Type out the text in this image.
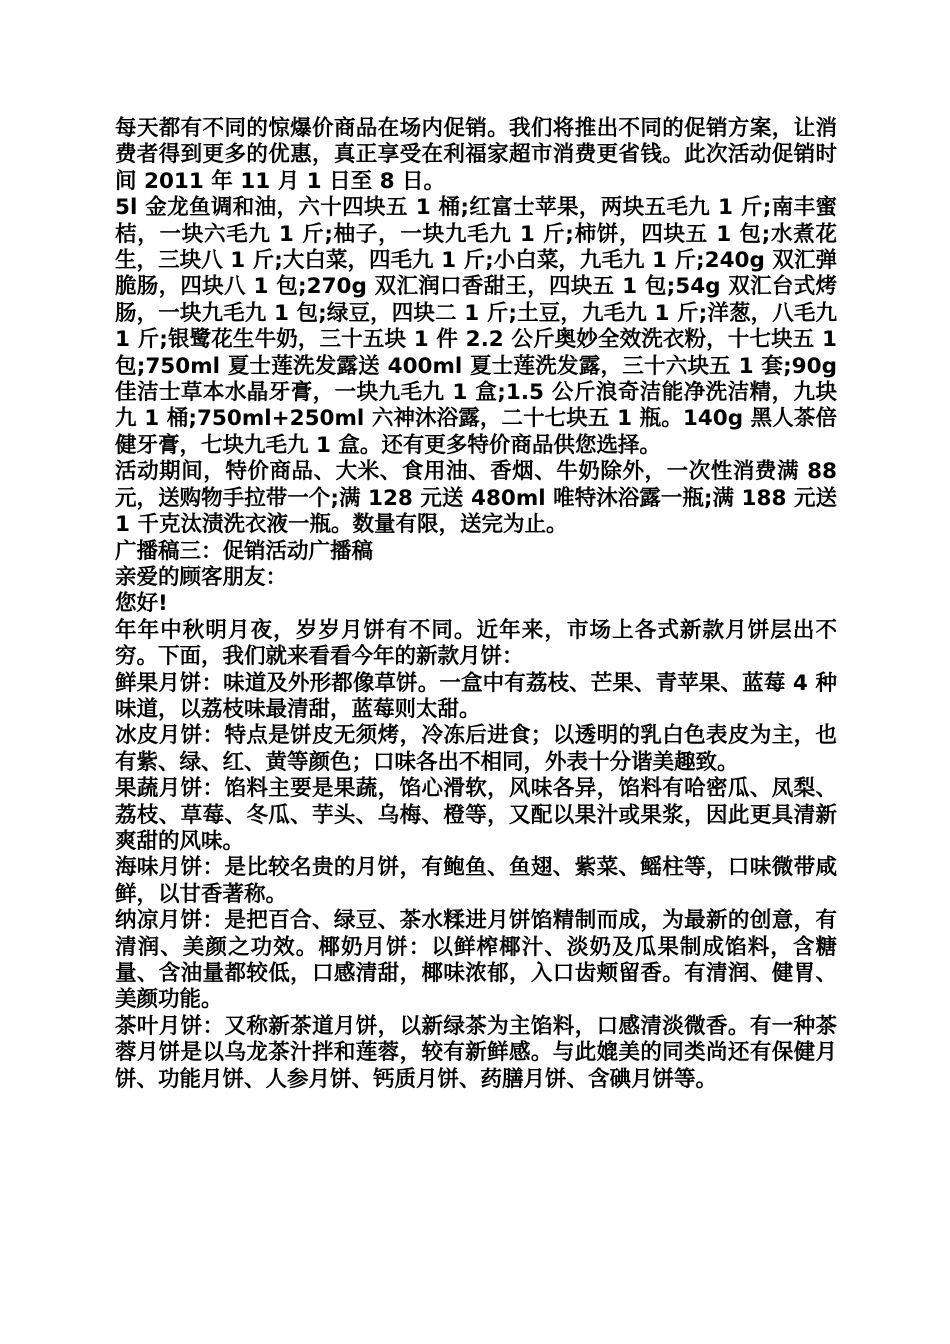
每天都有不同的惊爆价商品在场内促销。我们将推出不同的促销方案，让消费者得到更多的优惠，真正享受在利福家超市消费更省钱。此次活动促销时间 2011 年 11 月 1 日至 8 日。

5l 金龙鱼调和油，六十四块五 1 桶;红富士苹果，两块五毛九 1 斤;南丰蜜桔，一块六毛九 1 斤;柚子，一块九毛九 1 斤;柿饼，四块五 1 包;水煮花生，三块八 1 斤;大白菜，四毛九 1 斤;小白菜，九毛九 1 斤;240g 双汇弹脆肠，四块八 1 包;270g 双汇润口香甜王，四块五 1 包;54g 双汇台式烤肠，一块九毛九 1 包;绿豆，四块二 1 斤;土豆，九毛九 1 斤;洋葱，八毛九 1 斤;银鹭花生牛奶，三十五块 1 件 2.2 公斤奥妙全效洗衣粉，十七块五 1 包;750ml 夏士莲洗发露送 400ml 夏士莲洗发露，三十六块五 1 套;90g 佳洁士草本水晶牙膏，一块九毛九 1 盒;1.5 公斤浪奇洁能净洗洁精，九块九 1 桶;750ml+250ml 六神沐浴露，二十七块五 1 瓶。140g 黑人茶倍健牙膏，七块九毛九 1 盒。还有更多特价商品供您选择。

活动期间，特价商品、大米、食用油、香烟、牛奶除外，一次性消费满 88 元，送购物手拉带一个;满 128 元送 480ml 唯特沐浴露一瓶;满 188 元送 1 千克汰渍洗衣液一瓶。数量有限，送完为止。

广播稿三：促销活动广播稿

亲爱的顾客朋友：

您好!

年年中秋明月夜，岁岁月饼有不同。近年来，市场上各式新款月饼层出不穷。下面，我们就来看看今年的新款月饼：

鲜果月饼：味道及外形都像草饼。一盒中有荔枝、芒果、青苹果、蓝莓 4 种味道，以荔枝味最清甜，蓝莓则太甜。

冰皮月饼：特点是饼皮无须烤，冷冻后进食；以透明的乳白色表皮为主，也有紫、绿、红、黄等颜色；口味各出不相同，外表十分谐美趣致。

果蔬月饼：馅料主要是果蔬，馅心滑软，风味各异，馅料有哈密瓜、凤梨、荔枝、草莓、冬瓜、芋头、乌梅、橙等，又配以果汁或果浆，因此更具清新爽甜的风味。

海味月饼：是比较名贵的月饼，有鲍鱼、鱼翅、紫菜、鳐柱等，口味微带咸鲜，以甘香著称。

纳凉月饼：是把百合、绿豆、茶水糅进月饼馅精制而成，为最新的创意，有清润、美颜之功效。椰奶月饼：以鲜榨椰汁、淡奶及瓜果制成馅料，含糖量、含油量都较低，口感清甜，椰味浓郁，入口齿颊留香。有清润、健胃、美颜功能。

茶叶月饼：又称新茶道月饼，以新绿茶为主馅料，口感清淡微香。有一种茶蓉月饼是以乌龙茶汁拌和莲蓉，较有新鲜感。与此媲美的同类尚还有保健月饼、功能月饼、人参月饼、钙质月饼、药膳月饼、含碘月饼等。
